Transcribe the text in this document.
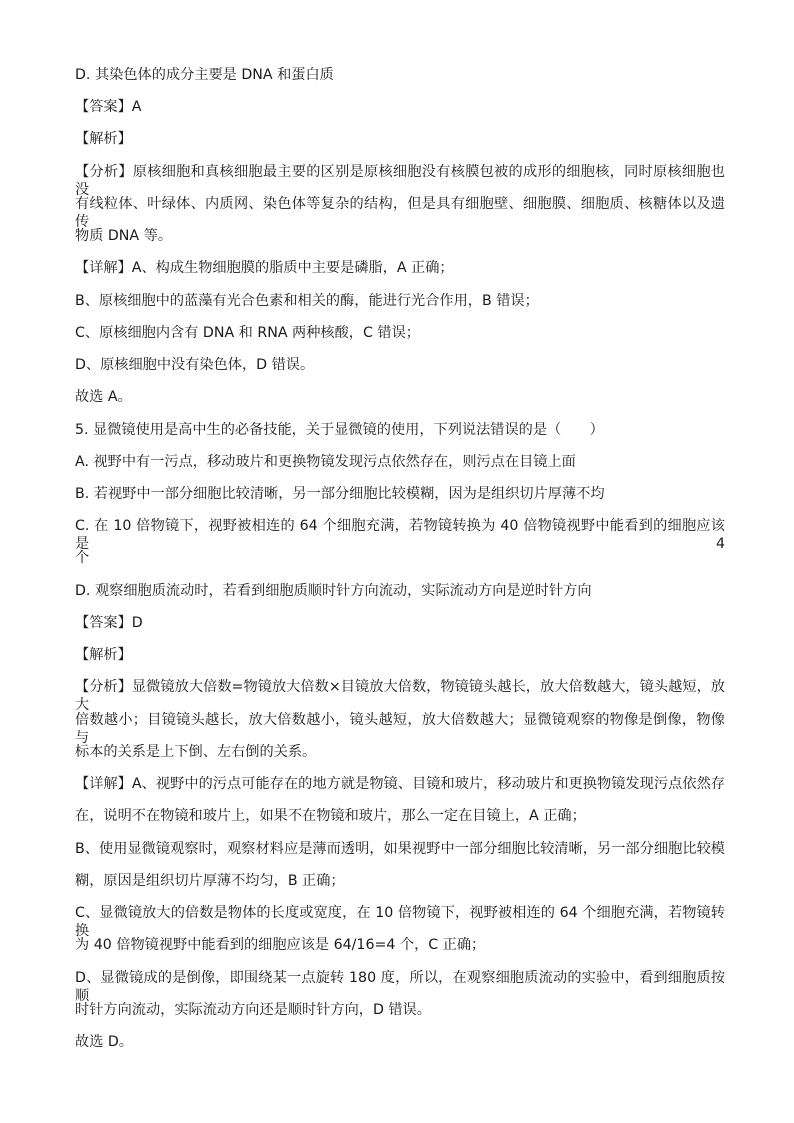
D. 其染色体的成分主要是 DNA 和蛋白质
【答案】A
【解析】
【分析】原核细胞和真核细胞最主要的区别是原核细胞没有核膜包被的成形的细胞核，同时原核细胞也没
有线粒体、叶绿体、内质网、染色体等复杂的结构，但是具有细胞壁、细胞膜、细胞质、核糖体以及遗传
物质 DNA 等。
【详解】A、构成生物细胞膜的脂质中主要是磷脂，A 正确；
B、原核细胞中的蓝藻有光合色素和相关的酶，能进行光合作用，B 错误；
C、原核细胞内含有 DNA 和 RNA 两种核酸，C 错误；
D、原核细胞中没有染色体，D 错误。
故选 A。
5. 显微镜使用是高中生的必备技能，关于显微镜的使用，下列说法错误的是（　　）
A. 视野中有一污点，移动玻片和更换物镜发现污点依然存在，则污点在目镜上面
B. 若视野中一部分细胞比较清晰，另一部分细胞比较模糊，因为是组织切片厚薄不均
C. 在 10 倍物镜下，视野被相连的 64 个细胞充满，若物镜转换为 40 倍物镜视野中能看到的细胞应该是 4
个
D. 观察细胞质流动时，若看到细胞质顺时针方向流动，实际流动方向是逆时针方向
【答案】D
【解析】
【分析】显微镜放大倍数=物镜放大倍数×目镜放大倍数，物镜镜头越长，放大倍数越大，镜头越短，放大
倍数越小；目镜镜头越长，放大倍数越小，镜头越短，放大倍数越大；显微镜观察的物像是倒像，物像与
标本的关系是上下倒、左右倒的关系。
【详解】A、视野中的污点可能存在的地方就是物镜、目镜和玻片，移动玻片和更换物镜发现污点依然存
在，说明不在物镜和玻片上，如果不在物镜和玻片，那么一定在目镜上，A 正确；
B、使用显微镜观察时，观察材料应是薄而透明，如果视野中一部分细胞比较清晰，另一部分细胞比较模
糊，原因是组织切片厚薄不均匀，B 正确；
C、显微镜放大的倍数是物体的长度或宽度，在 10 倍物镜下，视野被相连的 64 个细胞充满，若物镜转换
为 40 倍物镜视野中能看到的细胞应该是 64/16=4 个，C 正确；
D、显微镜成的是倒像，即围绕某一点旋转 180 度，所以，在观察细胞质流动的实验中，看到细胞质按顺
时针方向流动，实际流动方向还是顺时针方向，D 错误。
故选 D。
